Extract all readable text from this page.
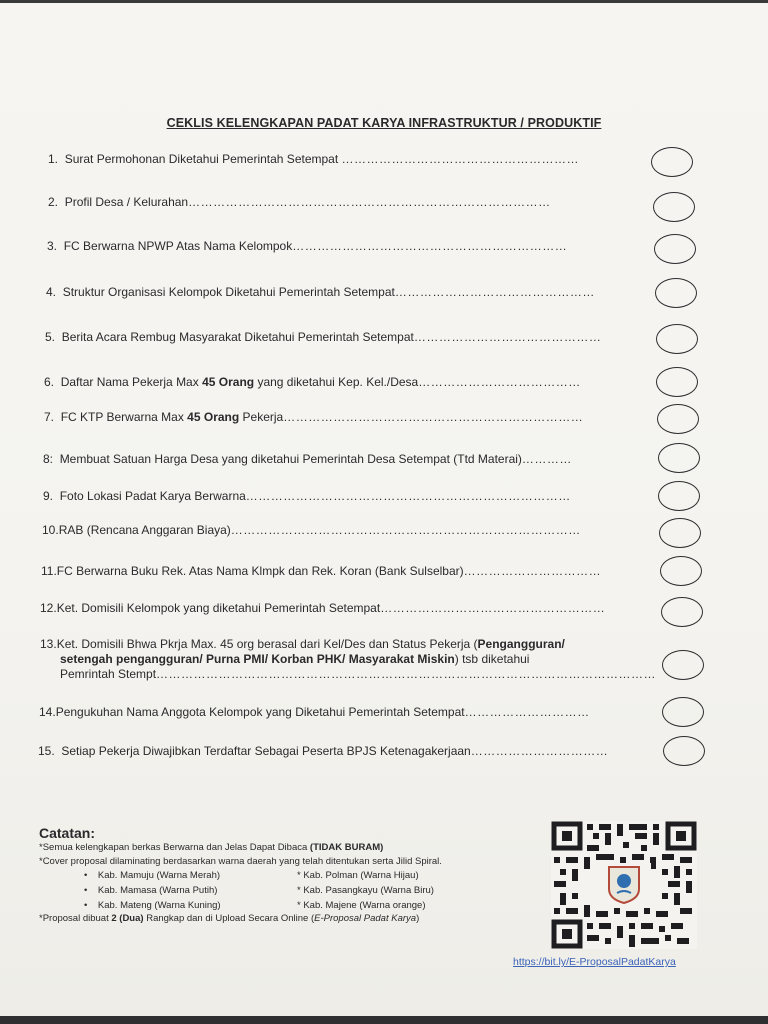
CEKLIS KELENGKAPAN PADAT KARYA INFRASTRUKTUR / PRODUKTIF
1. Surat Permohonan Diketahui Pemerintah Setempat …………………………………………………
2. Profil Desa / Kelurahan……………………………………………………………………………
3. FC Berwarna NPWP Atas Nama Kelompok…………………………………………………………
4. Struktur Organisasi Kelompok Diketahui Pemerintah Setempat…………………………………………
5. Berita Acara Rembug Masyarakat Diketahui Pemerintah Setempat………………………………………
6. Daftar Nama Pekerja Max 45 Orang yang diketahui Kep. Kel./Desa…………………………………
7. FC KTP Berwarna Max 45 Orang Pekerja………………………………………………………………
8: Membuat Satuan Harga Desa yang diketahui Pemerintah Desa Setempat (Ttd Materai)…………
9. Foto Lokasi Padat Karya Berwarna……………………………………………………………………
10.RAB (Rencana Anggaran Biaya)…………………………………………………………………………
11.FC Berwarna Buku Rek. Atas Nama Klmpk dan Rek. Koran (Bank Sulselbar)……………………………
12.Ket. Domisili Kelompok yang diketahui Pemerintah Setempat………………………………………………
13.Ket. Domisili Bhwa Pkrja Max. 45 org berasal dari Kel/Des dan Status Pekerja (Pengangguran/
setengah pengangguran/ Purna PMI/ Korban PHK/ Masyarakat Miskin) tsb diketahui
Pemrintah Stempt…………………………………………………………………………………………………………
14.Pengukuhan Nama Anggota Kelompok yang Diketahui Pemerintah Setempat…………………………
15. Setiap Pekerja Diwajibkan Terdaftar Sebagai Peserta BPJS Ketenagakerjaan……………………………
Catatan:
*Semua kelengkapan berkas Berwarna dan Jelas Dapat Dibaca (TIDAK BURAM)
*Cover proposal dilaminating berdasarkan warna daerah yang telah ditentukan serta Jilid Spiral.
•    Kab. Mamuju (Warna Merah)
•    Kab. Mamasa (Warna Putih)
•    Kab. Mateng (Warna Kuning)
* Kab. Polman (Warna Hijau)
* Kab. Pasangkayu (Warna Biru)
* Kab. Majene (Warna orange)
*Proposal dibuat 2 (Dua) Rangkap dan di Upload Secara Online (E-Proposal Padat Karya)
https://bit.ly/E-ProposalPadatKarya
